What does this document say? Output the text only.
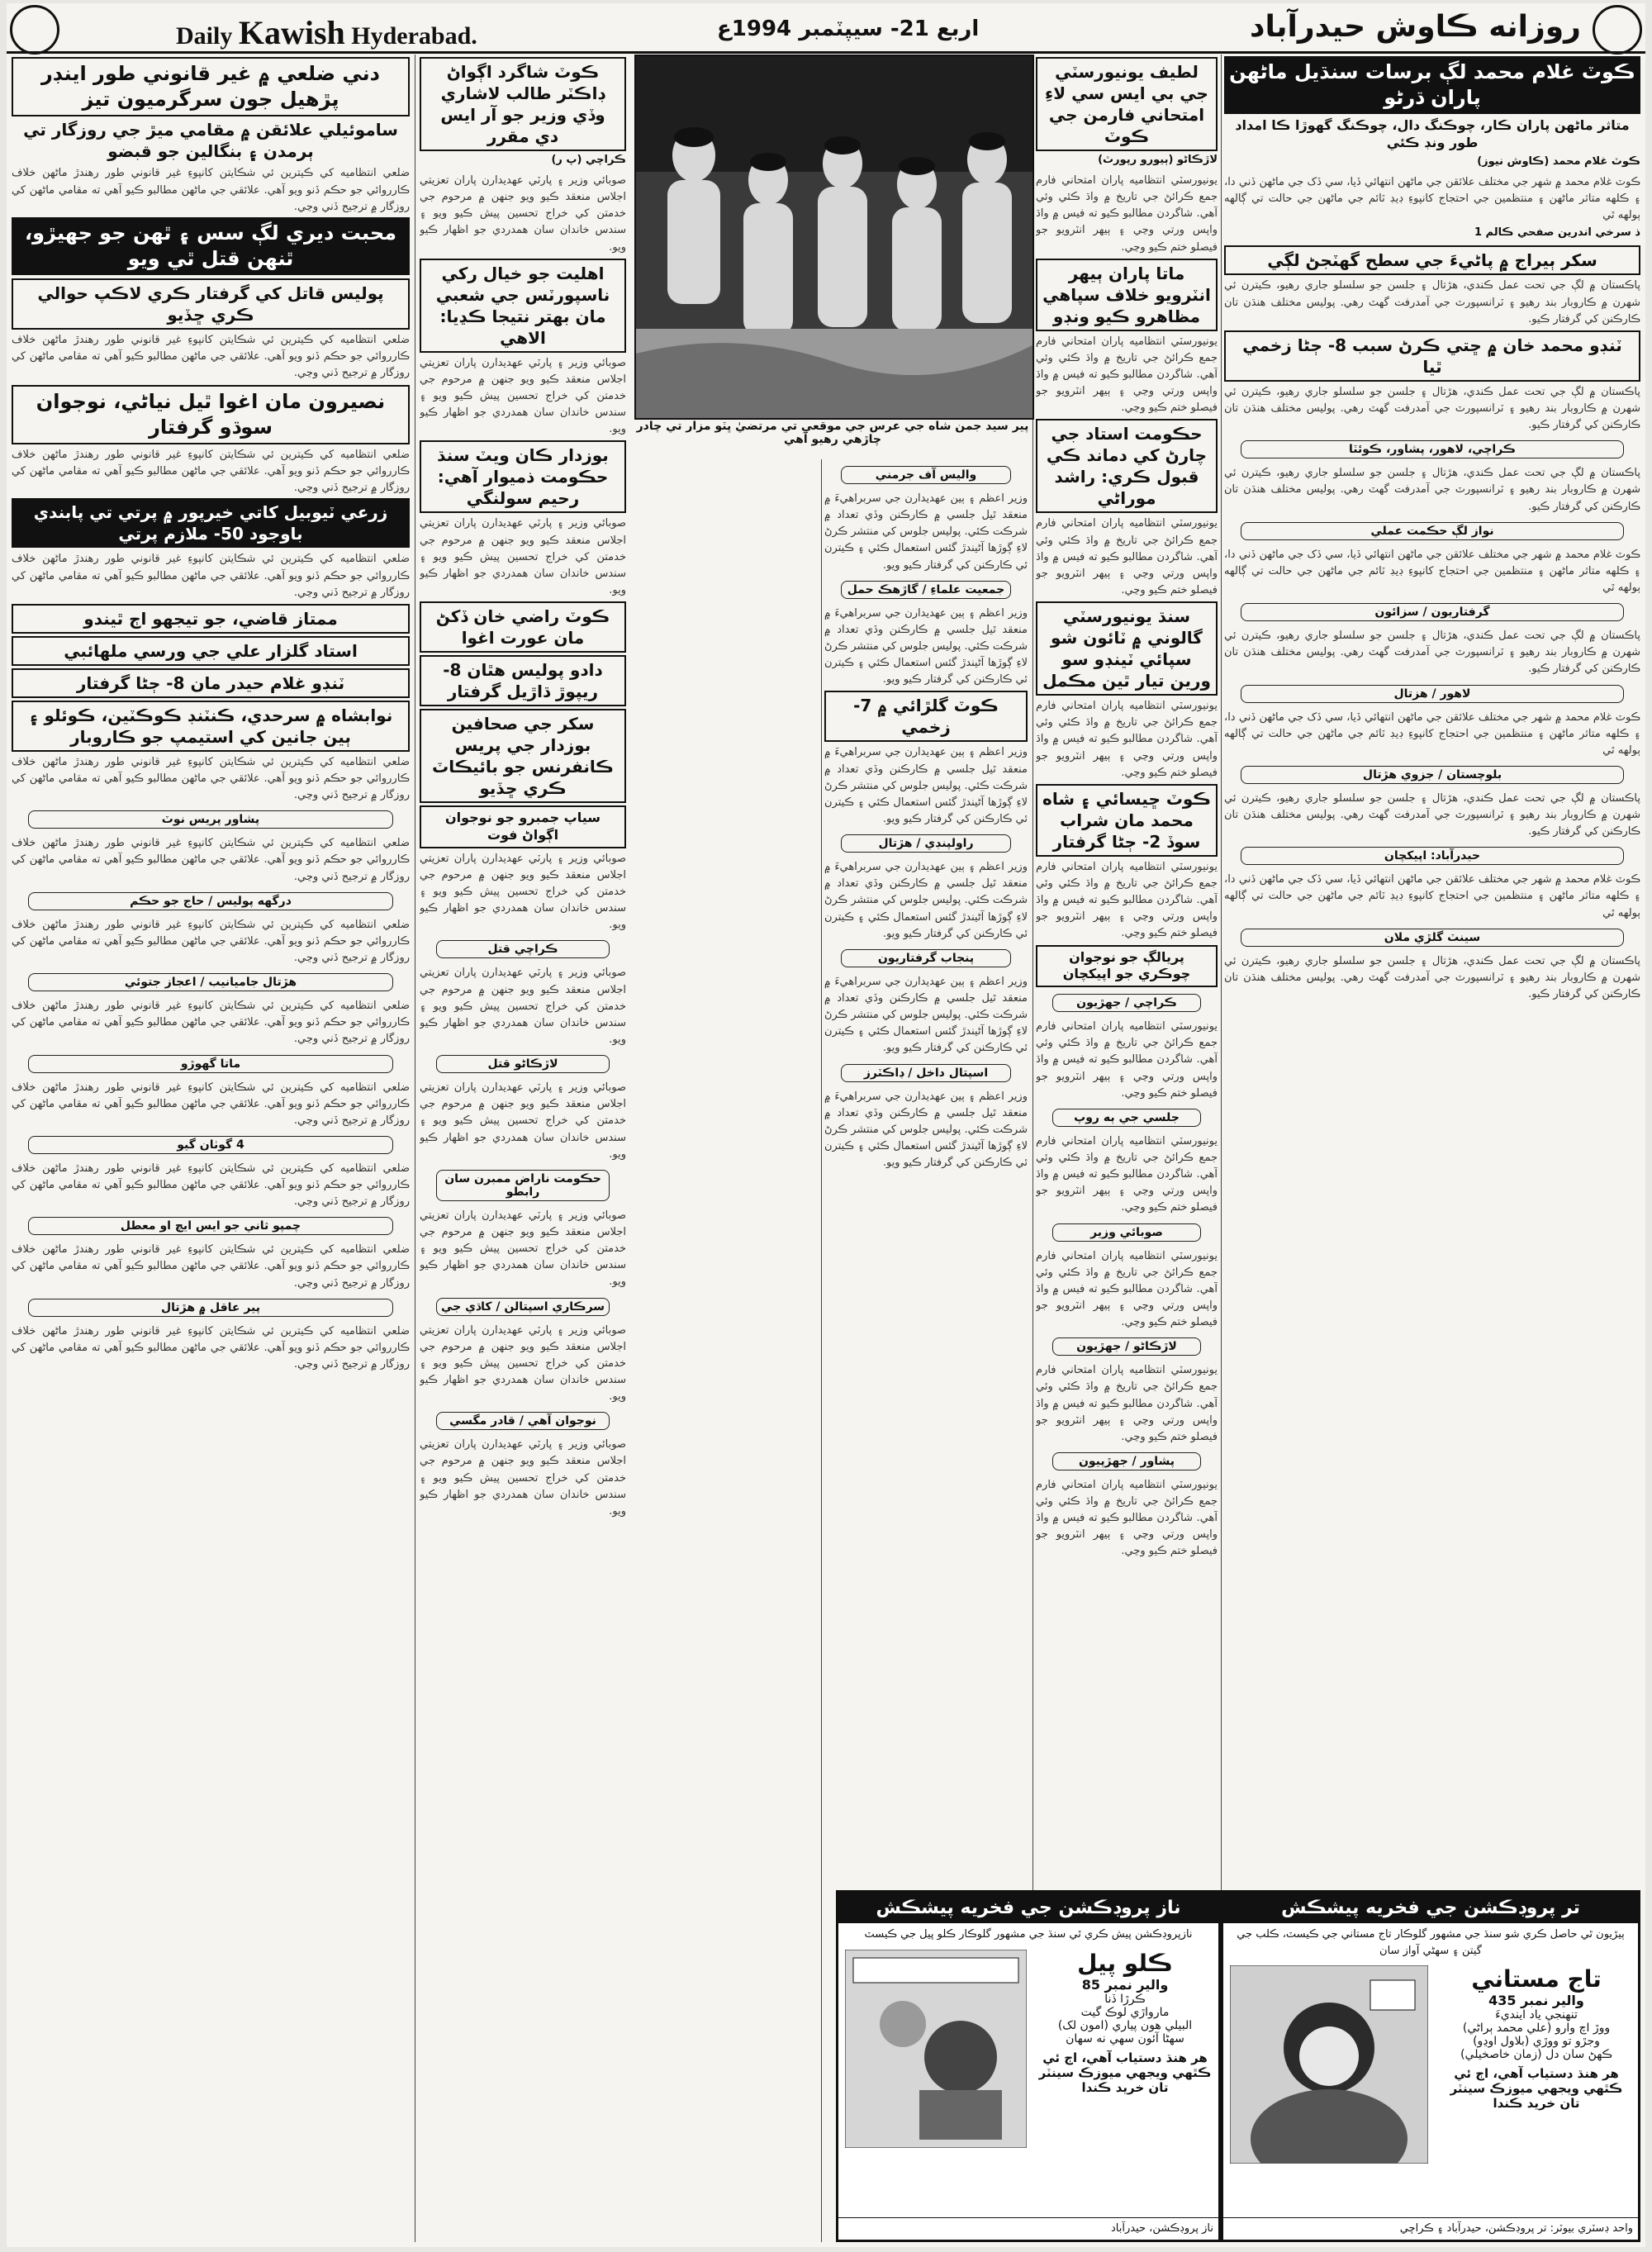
Daily Kawish Hyderabad.	اربع 21- سيپٽمبر 1994ع	روزانه ڪاوش حيدرآباد
ڪوٽ غلام محمد لڳ برسات سنڌيل ماڻهن پاران ڌرڻو
متاثر ماڻهن پاران ڪار، چوڪنگ دال، چوڪنگ گھوڙا ڪا امداد طور ونڊ ڪئي
ڪوٽ غلام محمد (ڪاوش نيوز)
ڪوٽ غلام محمد ۾ شهر جي مختلف علائقن جي ماڻهن انتهائي ڏيا، سي ڏک جي ماڻهن ڏني دا، ۽ ڪلهه متاثر ماڻهن ۽ منتظمين جي احتجاج کانپوءِ ڊيڊ ٽائم جي ماڻهن جي حالت تي ڳالهه ٻولهه ٿي
ذ سرخي اندرين صفحي ڪالم 1
سکر ٻيراج ۾ پاڻيءَ جي سطح گهٽجڻ لڳي
پاڪستان ۾ لڳ جي تحت عمل ڪندي، هڙتال ۽ جلسن جو سلسلو جاري رهيو، ڪيترن ئي شهرن ۾ ڪاروبار بند رهيو ۽ ٽرانسپورٽ جي آمدرفت گهٽ رهي. پوليس مختلف هنڌن تان ڪارڪنن کي گرفتار ڪيو.
ٽنڊو محمد خان ۾ ڇتي ڪرڻ سبب 8- ڄڻا زخمي ٿيا
پاڪستان ۾ لڳ جي تحت عمل ڪندي، هڙتال ۽ جلسن جو سلسلو جاري رهيو، ڪيترن ئي شهرن ۾ ڪاروبار بند رهيو ۽ ٽرانسپورٽ جي آمدرفت گهٽ رهي. پوليس مختلف هنڌن تان ڪارڪنن کي گرفتار ڪيو.
ڪراچي، لاهور، پشاور، ڪوئٽا
پاڪستان ۾ لڳ جي تحت عمل ڪندي، هڙتال ۽ جلسن جو سلسلو جاري رهيو، ڪيترن ئي شهرن ۾ ڪاروبار بند رهيو ۽ ٽرانسپورٽ جي آمدرفت گهٽ رهي. پوليس مختلف هنڌن تان ڪارڪنن کي گرفتار ڪيو.
نواز لڳ حڪمت عملي
ڪوٽ غلام محمد ۾ شهر جي مختلف علائقن جي ماڻهن انتهائي ڏيا، سي ڏک جي ماڻهن ڏني دا، ۽ ڪلهه متاثر ماڻهن ۽ منتظمين جي احتجاج کانپوءِ ڊيڊ ٽائم جي ماڻهن جي حالت تي ڳالهه ٻولهه ٿي
گرفتاريون / سزائون
پاڪستان ۾ لڳ جي تحت عمل ڪندي، هڙتال ۽ جلسن جو سلسلو جاري رهيو، ڪيترن ئي شهرن ۾ ڪاروبار بند رهيو ۽ ٽرانسپورٽ جي آمدرفت گهٽ رهي. پوليس مختلف هنڌن تان ڪارڪنن کي گرفتار ڪيو.
لاهور / هزتال
ڪوٽ غلام محمد ۾ شهر جي مختلف علائقن جي ماڻهن انتهائي ڏيا، سي ڏک جي ماڻهن ڏني دا، ۽ ڪلهه متاثر ماڻهن ۽ منتظمين جي احتجاج کانپوءِ ڊيڊ ٽائم جي ماڻهن جي حالت تي ڳالهه ٻولهه ٿي
بلوچستان / جزوي هڙتال
پاڪستان ۾ لڳ جي تحت عمل ڪندي، هڙتال ۽ جلسن جو سلسلو جاري رهيو، ڪيترن ئي شهرن ۾ ڪاروبار بند رهيو ۽ ٽرانسپورٽ جي آمدرفت گهٽ رهي. پوليس مختلف هنڌن تان ڪارڪنن کي گرفتار ڪيو.
حيدرآباد: اپيکچان
ڪوٽ غلام محمد ۾ شهر جي مختلف علائقن جي ماڻهن انتهائي ڏيا، سي ڏک جي ماڻهن ڏني دا، ۽ ڪلهه متاثر ماڻهن ۽ منتظمين جي احتجاج کانپوءِ ڊيڊ ٽائم جي ماڻهن جي حالت تي ڳالهه ٻولهه ٿي
سينٽ گلڙي ملان
پاڪستان ۾ لڳ جي تحت عمل ڪندي، هڙتال ۽ جلسن جو سلسلو جاري رهيو، ڪيترن ئي شهرن ۾ ڪاروبار بند رهيو ۽ ٽرانسپورٽ جي آمدرفت گهٽ رهي. پوليس مختلف هنڌن تان ڪارڪنن کي گرفتار ڪيو.
لطيف يونيورسٽي جي بي ايس سي لاءِ امتحاني فارمن جي ڪوٽ
لاڙڪاڻو (ٻيورو رپورٽ)
يونيورسٽي انتظاميه پاران امتحاني فارم جمع ڪرائڻ جي تاريخ ۾ واڌ ڪئي وئي آهي. شاگردن مطالبو ڪيو ته فيس ۾ واڌ واپس ورتي وڃي ۽ ٻيهر انٽرويو جو فيصلو ختم ڪيو وڃي.
ماتا پاران ٻيهر انٽرويو خلاف سپاهي مظاهرو ڪيو ونڊو
يونيورسٽي انتظاميه پاران امتحاني فارم جمع ڪرائڻ جي تاريخ ۾ واڌ ڪئي وئي آهي. شاگردن مطالبو ڪيو ته فيس ۾ واڌ واپس ورتي وڃي ۽ ٻيهر انٽرويو جو فيصلو ختم ڪيو وڃي.
حڪومت استاد جي چارڻ کي دماند ڪي قبول ڪري: راشد موراڻي
يونيورسٽي انتظاميه پاران امتحاني فارم جمع ڪرائڻ جي تاريخ ۾ واڌ ڪئي وئي آهي. شاگردن مطالبو ڪيو ته فيس ۾ واڌ واپس ورتي وڃي ۽ ٻيهر انٽرويو جو فيصلو ختم ڪيو وڃي.
سنڌ يونيورسٽي گالوني ۾ ٽائون شو سپائي ٽينڊو سو ورين تيار ٿين مڪمل
يونيورسٽي انتظاميه پاران امتحاني فارم جمع ڪرائڻ جي تاريخ ۾ واڌ ڪئي وئي آهي. شاگردن مطالبو ڪيو ته فيس ۾ واڌ واپس ورتي وڃي ۽ ٻيهر انٽرويو جو فيصلو ختم ڪيو وڃي.
ڪوٽ ڇيسائي ۽ شاه محمد مان شراب سوڏ 2- ڄڻا گرفتار
يونيورسٽي انتظاميه پاران امتحاني فارم جمع ڪرائڻ جي تاريخ ۾ واڌ ڪئي وئي آهي. شاگردن مطالبو ڪيو ته فيس ۾ واڌ واپس ورتي وڃي ۽ ٻيهر انٽرويو جو فيصلو ختم ڪيو وڃي.
پريالڳ جو نوجوان چوڪري جو اپيکچان
ڪراچي / جهڙيون
يونيورسٽي انتظاميه پاران امتحاني فارم جمع ڪرائڻ جي تاريخ ۾ واڌ ڪئي وئي آهي. شاگردن مطالبو ڪيو ته فيس ۾ واڌ واپس ورتي وڃي ۽ ٻيهر انٽرويو جو فيصلو ختم ڪيو وڃي.
جلسي جي ٻه روپ
يونيورسٽي انتظاميه پاران امتحاني فارم جمع ڪرائڻ جي تاريخ ۾ واڌ ڪئي وئي آهي. شاگردن مطالبو ڪيو ته فيس ۾ واڌ واپس ورتي وڃي ۽ ٻيهر انٽرويو جو فيصلو ختم ڪيو وڃي.
صوبائي وزير
يونيورسٽي انتظاميه پاران امتحاني فارم جمع ڪرائڻ جي تاريخ ۾ واڌ ڪئي وئي آهي. شاگردن مطالبو ڪيو ته فيس ۾ واڌ واپس ورتي وڃي ۽ ٻيهر انٽرويو جو فيصلو ختم ڪيو وڃي.
لاڙڪاڻو / جهڙيون
يونيورسٽي انتظاميه پاران امتحاني فارم جمع ڪرائڻ جي تاريخ ۾ واڌ ڪئي وئي آهي. شاگردن مطالبو ڪيو ته فيس ۾ واڌ واپس ورتي وڃي ۽ ٻيهر انٽرويو جو فيصلو ختم ڪيو وڃي.
پشاور / جهڙپيون
يونيورسٽي انتظاميه پاران امتحاني فارم جمع ڪرائڻ جي تاريخ ۾ واڌ ڪئي وئي آهي. شاگردن مطالبو ڪيو ته فيس ۾ واڌ واپس ورتي وڃي ۽ ٻيهر انٽرويو جو فيصلو ختم ڪيو وڃي.
پير سيد جمن شاه جي عرس جي موقعي تي مرتضيٰ ڀٽو مزار تي چادر چاڙهي رهيو آهي
واليس آف جرمني
وزير اعظم ۽ ٻين عهديدارن جي سربراهيءَ ۾ منعقد ٿيل جلسي ۾ ڪارڪنن وڏي تعداد ۾ شرڪت ڪئي. پوليس جلوس کي منتشر ڪرڻ لاءِ ڳوڙها آڻيندڙ گئس استعمال ڪئي ۽ ڪيترن ئي ڪارڪنن کي گرفتار ڪيو ويو.
جمعيت علماءِ / گاڙهڪ حمل
وزير اعظم ۽ ٻين عهديدارن جي سربراهيءَ ۾ منعقد ٿيل جلسي ۾ ڪارڪنن وڏي تعداد ۾ شرڪت ڪئي. پوليس جلوس کي منتشر ڪرڻ لاءِ ڳوڙها آڻيندڙ گئس استعمال ڪئي ۽ ڪيترن ئي ڪارڪنن کي گرفتار ڪيو ويو.
ڪوٽ گلڙائي ۾ 7- زخمي
وزير اعظم ۽ ٻين عهديدارن جي سربراهيءَ ۾ منعقد ٿيل جلسي ۾ ڪارڪنن وڏي تعداد ۾ شرڪت ڪئي. پوليس جلوس کي منتشر ڪرڻ لاءِ ڳوڙها آڻيندڙ گئس استعمال ڪئي ۽ ڪيترن ئي ڪارڪنن کي گرفتار ڪيو ويو.
راولپنڊي / هڙتال
وزير اعظم ۽ ٻين عهديدارن جي سربراهيءَ ۾ منعقد ٿيل جلسي ۾ ڪارڪنن وڏي تعداد ۾ شرڪت ڪئي. پوليس جلوس کي منتشر ڪرڻ لاءِ ڳوڙها آڻيندڙ گئس استعمال ڪئي ۽ ڪيترن ئي ڪارڪنن کي گرفتار ڪيو ويو.
پنجاب گرفتاريون
وزير اعظم ۽ ٻين عهديدارن جي سربراهيءَ ۾ منعقد ٿيل جلسي ۾ ڪارڪنن وڏي تعداد ۾ شرڪت ڪئي. پوليس جلوس کي منتشر ڪرڻ لاءِ ڳوڙها آڻيندڙ گئس استعمال ڪئي ۽ ڪيترن ئي ڪارڪنن کي گرفتار ڪيو ويو.
اسپتال داخل / ڊاڪٽرز
وزير اعظم ۽ ٻين عهديدارن جي سربراهيءَ ۾ منعقد ٿيل جلسي ۾ ڪارڪنن وڏي تعداد ۾ شرڪت ڪئي. پوليس جلوس کي منتشر ڪرڻ لاءِ ڳوڙها آڻيندڙ گئس استعمال ڪئي ۽ ڪيترن ئي ڪارڪنن کي گرفتار ڪيو ويو.
ڪوٽ شاگرد اڳواڻ ڊاڪٽر طالب لاشاري وڏي وزير جو آر ايس دي مقرر
ڪراچي (پ ر)
صوبائي وزير ۽ پارٽي عهديدارن پاران تعزيتي اجلاس منعقد ڪيو ويو جنهن ۾ مرحوم جي خدمتن کي خراج تحسين پيش ڪيو ويو ۽ سندس خاندان سان همدردي جو اظهار ڪيو ويو.
اهليت جو خيال رکي ناسپورٽس جي شعبي مان بهتر نتيجا ڪڍيا: الاهي
صوبائي وزير ۽ پارٽي عهديدارن پاران تعزيتي اجلاس منعقد ڪيو ويو جنهن ۾ مرحوم جي خدمتن کي خراج تحسين پيش ڪيو ويو ۽ سندس خاندان سان همدردي جو اظهار ڪيو ويو.
بوزدار ڪان ويٽ سنڌ حڪومت ذميوار آهي: رحيم سولنگي
صوبائي وزير ۽ پارٽي عهديدارن پاران تعزيتي اجلاس منعقد ڪيو ويو جنهن ۾ مرحوم جي خدمتن کي خراج تحسين پيش ڪيو ويو ۽ سندس خاندان سان همدردي جو اظهار ڪيو ويو.
ڪوٽ راضي خان ڏکڻ مان عورت اغوا
دادو پوليس هٿان 8- ريپوڙ ڌاڙيل گرفتار
سکر جي صحافين بوزدار جي پريس ڪانفرنس جو بائيڪاٽ ڪري ڇڏيو
سياپ جمبرو جو نوجوان اڳواڻ فوت
صوبائي وزير ۽ پارٽي عهديدارن پاران تعزيتي اجلاس منعقد ڪيو ويو جنهن ۾ مرحوم جي خدمتن کي خراج تحسين پيش ڪيو ويو ۽ سندس خاندان سان همدردي جو اظهار ڪيو ويو.
ڪراچي قتل
صوبائي وزير ۽ پارٽي عهديدارن پاران تعزيتي اجلاس منعقد ڪيو ويو جنهن ۾ مرحوم جي خدمتن کي خراج تحسين پيش ڪيو ويو ۽ سندس خاندان سان همدردي جو اظهار ڪيو ويو.
لاڙڪاڻو قتل
صوبائي وزير ۽ پارٽي عهديدارن پاران تعزيتي اجلاس منعقد ڪيو ويو جنهن ۾ مرحوم جي خدمتن کي خراج تحسين پيش ڪيو ويو ۽ سندس خاندان سان همدردي جو اظهار ڪيو ويو.
حڪومت ناراض ممبرن سان رابطو
صوبائي وزير ۽ پارٽي عهديدارن پاران تعزيتي اجلاس منعقد ڪيو ويو جنهن ۾ مرحوم جي خدمتن کي خراج تحسين پيش ڪيو ويو ۽ سندس خاندان سان همدردي جو اظهار ڪيو ويو.
سرڪاري اسپتالن / کاڌي جي
صوبائي وزير ۽ پارٽي عهديدارن پاران تعزيتي اجلاس منعقد ڪيو ويو جنهن ۾ مرحوم جي خدمتن کي خراج تحسين پيش ڪيو ويو ۽ سندس خاندان سان همدردي جو اظهار ڪيو ويو.
نوجوان آهي / قادر مگسي
صوبائي وزير ۽ پارٽي عهديدارن پاران تعزيتي اجلاس منعقد ڪيو ويو جنهن ۾ مرحوم جي خدمتن کي خراج تحسين پيش ڪيو ويو ۽ سندس خاندان سان همدردي جو اظهار ڪيو ويو.
دني ضلعي ۾ غير قانوني طور اينڊر پڙهيل جون سرگرميون تيز
ساموئيلي علائقن ۾ مقامي ميڙ جي روزگار تي ٻرمدن ۽ بنگالين جو قبضو
ضلعي انتظاميه کي ڪيترين ئي شڪايتن کانپوءِ غير قانوني طور رهندڙ ماڻهن خلاف ڪارروائي جو حڪم ڏنو ويو آهي. علائقي جي ماڻهن مطالبو ڪيو آهي ته مقامي ماڻهن کي روزگار ۾ ترجيح ڏني وڃي.
محبت ديري لڳ سس ۽ ٿهن جو جهيڙو، ٿنهن قتل ٿي ويو
پوليس قاتل کي گرفتار ڪري لاڪپ حوالي ڪري ڇڏيو
ضلعي انتظاميه کي ڪيترين ئي شڪايتن کانپوءِ غير قانوني طور رهندڙ ماڻهن خلاف ڪارروائي جو حڪم ڏنو ويو آهي. علائقي جي ماڻهن مطالبو ڪيو آهي ته مقامي ماڻهن کي روزگار ۾ ترجيح ڏني وڃي.
نصيرون مان اغوا ٿيل نياڻي، نوجوان سوڌو گرفتار
ضلعي انتظاميه کي ڪيترين ئي شڪايتن کانپوءِ غير قانوني طور رهندڙ ماڻهن خلاف ڪارروائي جو حڪم ڏنو ويو آهي. علائقي جي ماڻهن مطالبو ڪيو آهي ته مقامي ماڻهن کي روزگار ۾ ترجيح ڏني وڃي.
زرعي ٽيوبيل کاتي خيرپور ۾ پرتي تي پابندي باوجود 50- ملازم پرتي
ضلعي انتظاميه کي ڪيترين ئي شڪايتن کانپوءِ غير قانوني طور رهندڙ ماڻهن خلاف ڪارروائي جو حڪم ڏنو ويو آهي. علائقي جي ماڻهن مطالبو ڪيو آهي ته مقامي ماڻهن کي روزگار ۾ ترجيح ڏني وڃي.
ممتاز قاضي، جو تيجهو اڄ ٿيندو
استاد گلزار علي جي ورسي ملهائبي
ٽنڊو غلام حيدر مان 8- ڄڻا گرفتار
نوابشاه ۾ سرحدي، ڪنٽنڊ ڪوڪٽين، ڪوئلو ۽ ٻين جانين کي استيمپ جو ڪاروبار
ضلعي انتظاميه کي ڪيترين ئي شڪايتن کانپوءِ غير قانوني طور رهندڙ ماڻهن خلاف ڪارروائي جو حڪم ڏنو ويو آهي. علائقي جي ماڻهن مطالبو ڪيو آهي ته مقامي ماڻهن کي روزگار ۾ ترجيح ڏني وڃي.
پشاور پريس نوٽ
ضلعي انتظاميه کي ڪيترين ئي شڪايتن کانپوءِ غير قانوني طور رهندڙ ماڻهن خلاف ڪارروائي جو حڪم ڏنو ويو آهي. علائقي جي ماڻهن مطالبو ڪيو آهي ته مقامي ماڻهن کي روزگار ۾ ترجيح ڏني وڃي.
درگهه پوليس / حاج جو حڪم
ضلعي انتظاميه کي ڪيترين ئي شڪايتن کانپوءِ غير قانوني طور رهندڙ ماڻهن خلاف ڪارروائي جو حڪم ڏنو ويو آهي. علائقي جي ماڻهن مطالبو ڪيو آهي ته مقامي ماڻهن کي روزگار ۾ ترجيح ڏني وڃي.
هڙتال جاميانيب / اعجاز جتوئي
ضلعي انتظاميه کي ڪيترين ئي شڪايتن کانپوءِ غير قانوني طور رهندڙ ماڻهن خلاف ڪارروائي جو حڪم ڏنو ويو آهي. علائقي جي ماڻهن مطالبو ڪيو آهي ته مقامي ماڻهن کي روزگار ۾ ترجيح ڏني وڃي.
ماتا گهوڙو
ضلعي انتظاميه کي ڪيترين ئي شڪايتن کانپوءِ غير قانوني طور رهندڙ ماڻهن خلاف ڪارروائي جو حڪم ڏنو ويو آهي. علائقي جي ماڻهن مطالبو ڪيو آهي ته مقامي ماڻهن کي روزگار ۾ ترجيح ڏني وڃي.
4 گوٺان گيو
ضلعي انتظاميه کي ڪيترين ئي شڪايتن کانپوءِ غير قانوني طور رهندڙ ماڻهن خلاف ڪارروائي جو حڪم ڏنو ويو آهي. علائقي جي ماڻهن مطالبو ڪيو آهي ته مقامي ماڻهن کي روزگار ۾ ترجيح ڏني وڃي.
چمپو ثاني جو ايس ايچ او معطل
ضلعي انتظاميه کي ڪيترين ئي شڪايتن کانپوءِ غير قانوني طور رهندڙ ماڻهن خلاف ڪارروائي جو حڪم ڏنو ويو آهي. علائقي جي ماڻهن مطالبو ڪيو آهي ته مقامي ماڻهن کي روزگار ۾ ترجيح ڏني وڃي.
پير عاقل ۾ هڙتال
ضلعي انتظاميه کي ڪيترين ئي شڪايتن کانپوءِ غير قانوني طور رهندڙ ماڻهن خلاف ڪارروائي جو حڪم ڏنو ويو آهي. علائقي جي ماڻهن مطالبو ڪيو آهي ته مقامي ماڻهن کي روزگار ۾ ترجيح ڏني وڃي.
تر پروڊڪشن جي فخريه پيشڪش
ٻيڙيون ٿي حاصل ڪري شو سنڌ جي مشهور گلوڪار تاج مستاني جي ڪيسٽ، ڪلب جي گيتن ۽ سهڻي آواز سان
تاج مستاني
والير نمبر 435
تنهنجي ياد اينديءَ
ووڙ اچ وارو (علي محمد ٻراڻي)
وجڙو تو ووڙي (بلاول اوڍو)
ڪهڻ سان دل (زمان خاصخيلي)
هر هنڌ دستياب آهي، اڄ ئي ڪٿهي ويجهي ميوزڪ سينٽر تان خريد ڪندا
واحد ڊسٽري بيوٽر: تر پروڊڪشن، حيدرآباد ۽ ڪراچي
ناز پروڊڪشن جي فخريه پيشڪش
نازپروڊڪشن پيش ڪري ٿي سنڌ جي مشهور گلوڪار ڪلو پيل جي ڪيسٽ
ڪلو پيل
والير نمبر 85
ڪرڙا ڏنا
مارواڙي لوڪ گيت
البيلي هون پياري (امون لک)
سهڻا آئون سهي نه سهان
هر هنڌ دستياب آهي، اڄ ئي ڪٿهي ويجهي ميوزڪ سينٽر تان خريد ڪندا
ناز پروڊڪشن، حيدرآباد
